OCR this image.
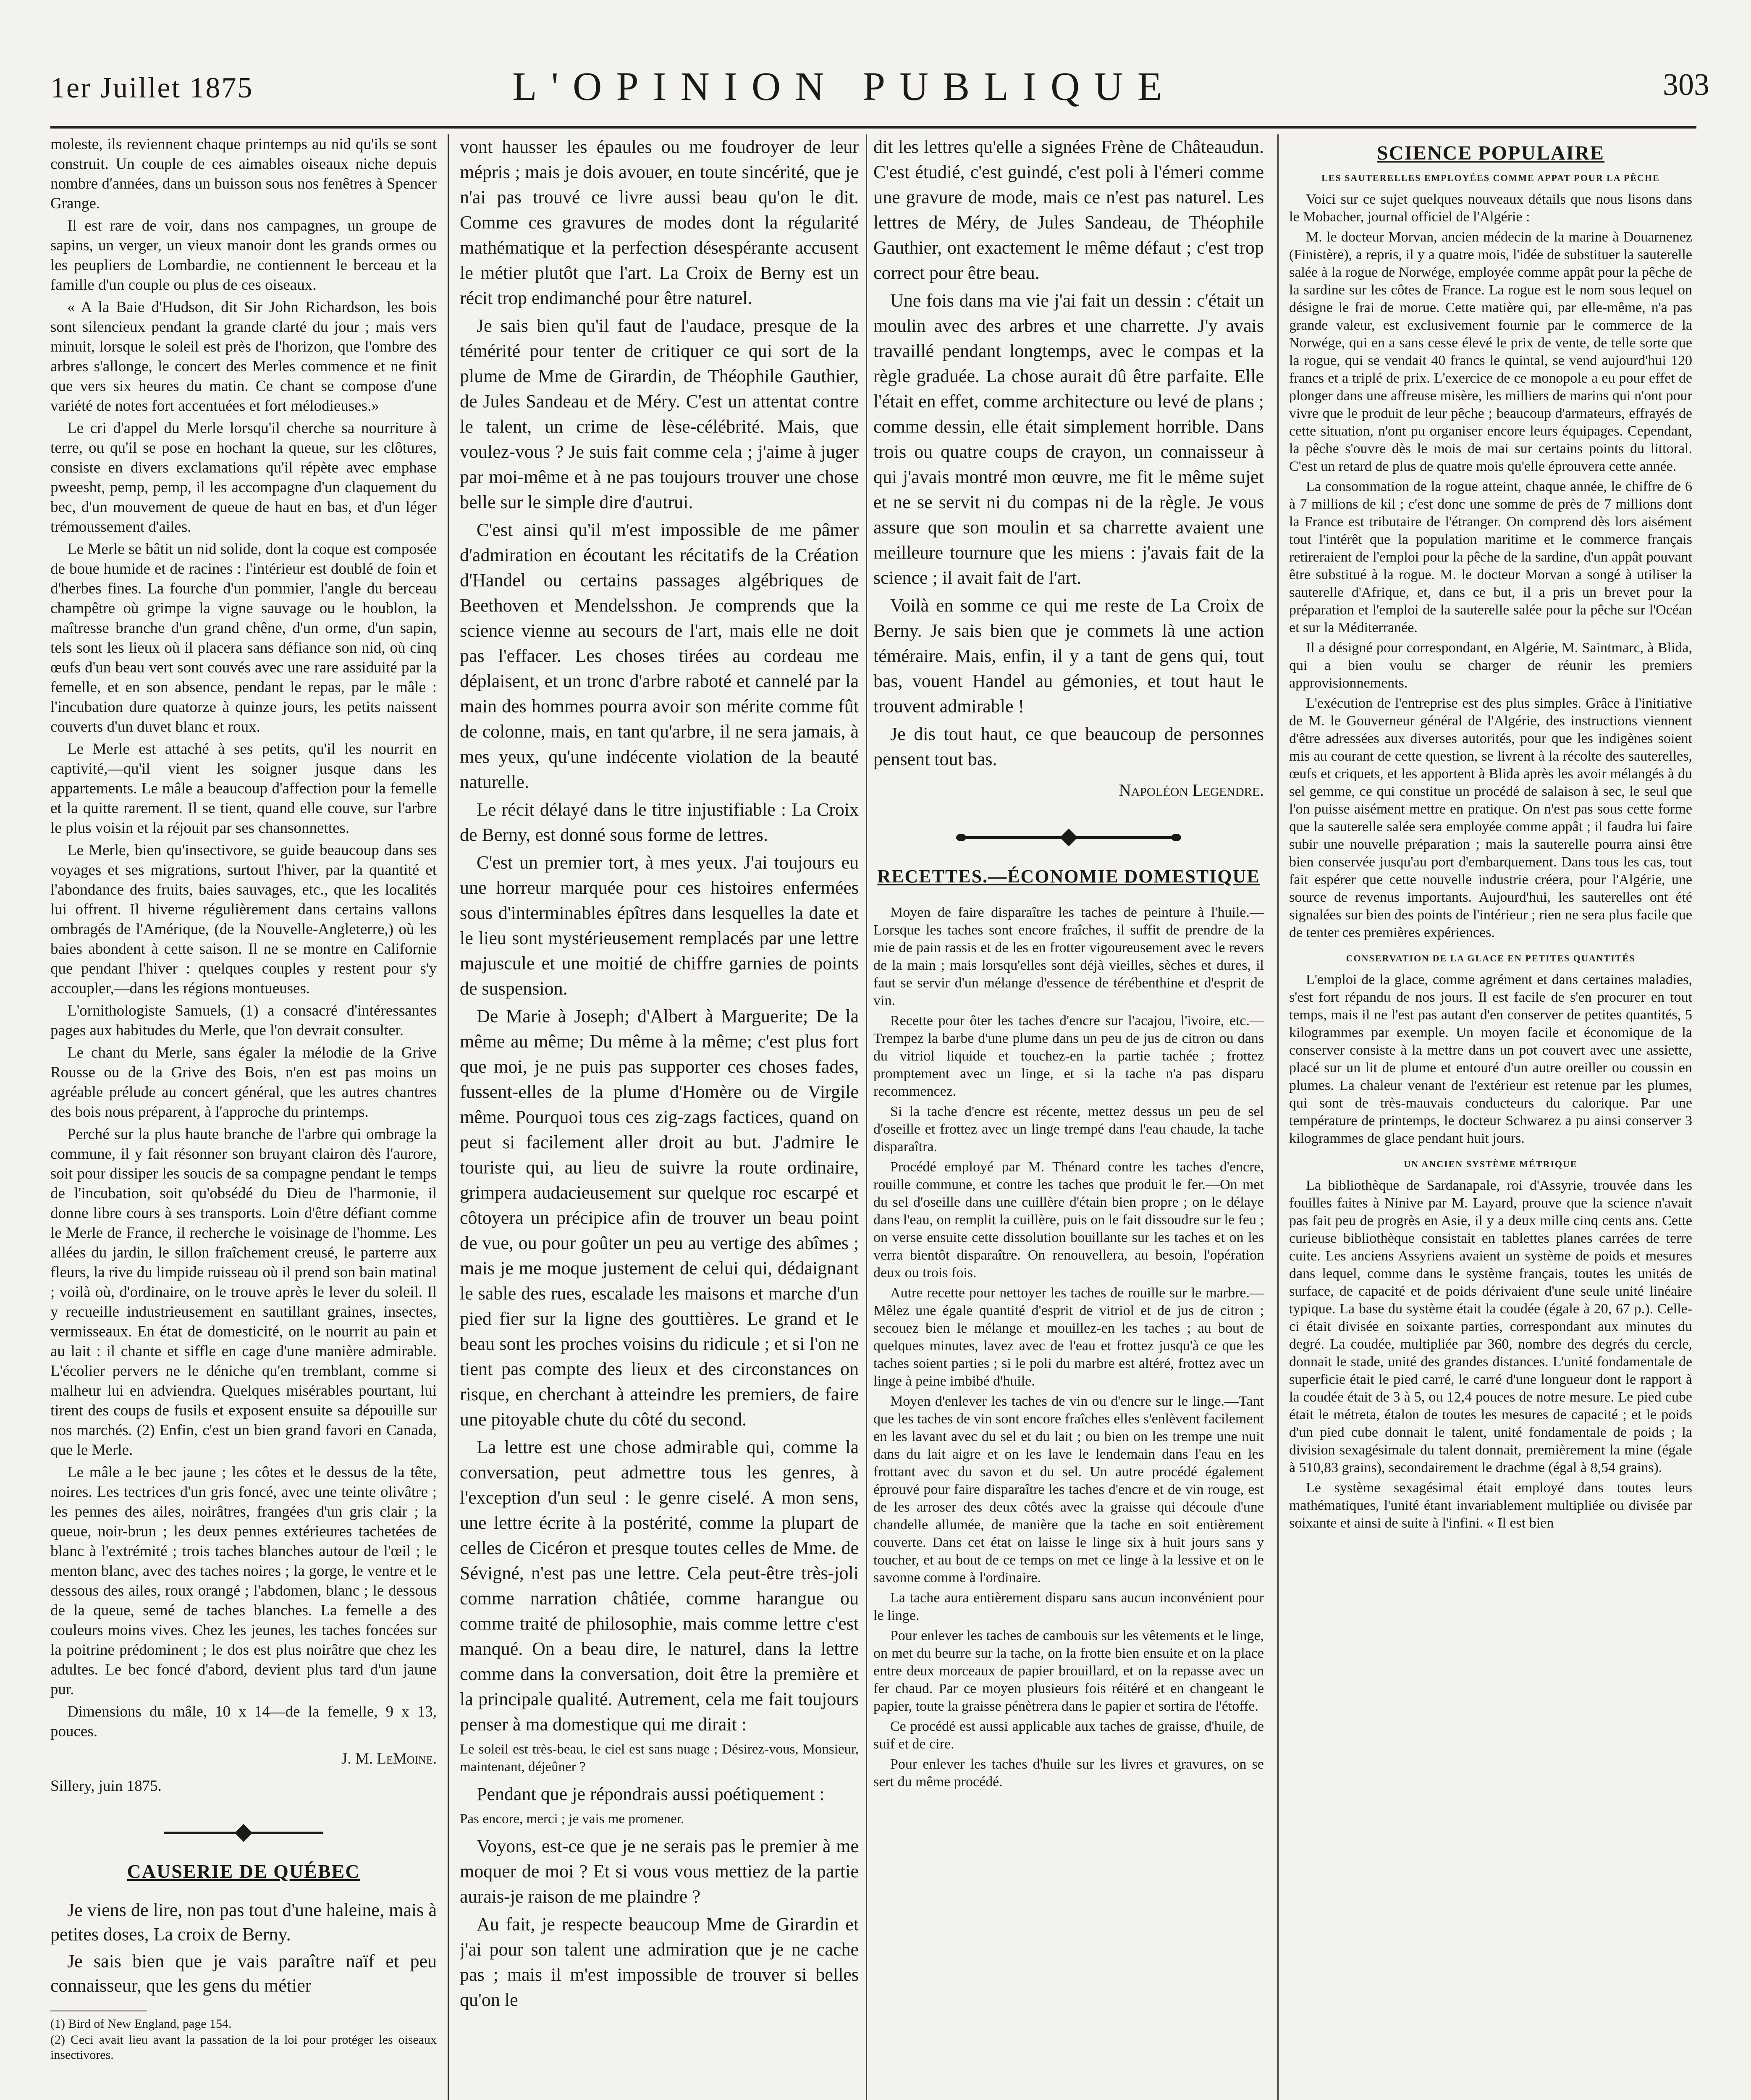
1er Juillet 1875	L'OPINION PUBLIQUE	303

moleste, ils reviennent chaque printemps au nid qu'ils se sont construit. Un couple de ces aimables oiseaux niche depuis nombre d'années, dans un buisson sous nos fenêtres à Spencer Grange.

Il est rare de voir, dans nos campagnes, un groupe de sapins, un verger, un vieux manoir dont les grands ormes ou les peupliers de Lombardie, ne contiennent le berceau et la famille d'un couple ou plus de ces oiseaux.

« A la Baie d'Hudson, dit Sir John Richardson, les bois sont silencieux pendant la grande clarté du jour ; mais vers minuit, lorsque le soleil est près de l'horizon, que l'ombre des arbres s'allonge, le concert des Merles commence et ne finit que vers six heures du matin. Ce chant se compose d'une variété de notes fort accentuées et fort mélodieuses.»

Le cri d'appel du Merle lorsqu'il cherche sa nourriture à terre, ou qu'il se pose en hochant la queue, sur les clôtures, consiste en divers exclamations qu'il répète avec emphase pweesht, pemp, pemp, il les accompagne d'un claquement du bec, d'un mouvement de queue de haut en bas, et d'un léger trémoussement d'ailes.

Le Merle se bâtit un nid solide, dont la coque est composée de boue humide et de racines : l'intérieur est doublé de foin et d'herbes fines. La fourche d'un pommier, l'angle du berceau champêtre où grimpe la vigne sauvage ou le houblon, la maîtresse branche d'un grand chêne, d'un orme, d'un sapin, tels sont les lieux où il placera sans défiance son nid, où cinq œufs d'un beau vert sont couvés avec une rare assiduité par la femelle, et en son absence, pendant le repas, par le mâle : l'incubation dure quatorze à quinze jours, les petits naissent couverts d'un duvet blanc et roux.

Le Merle est attaché à ses petits, qu'il les nourrit en captivité,—qu'il vient les soigner jusque dans les appartements. Le mâle a beaucoup d'affection pour la femelle et la quitte rarement. Il se tient, quand elle couve, sur l'arbre le plus voisin et la réjouit par ses chansonnettes.

Le Merle, bien qu'insectivore, se guide beaucoup dans ses voyages et ses migrations, surtout l'hiver, par la quantité et l'abondance des fruits, baies sauvages, etc., que les localités lui offrent. Il hiverne régulièrement dans certains vallons ombragés de l'Amérique, (de la Nouvelle-Angleterre,) où les baies abondent à cette saison. Il ne se montre en Californie que pendant l'hiver : quelques couples y restent pour s'y accoupler,—dans les régions montueuses.

L'ornithologiste Samuels, (1) a consacré d'intéressantes pages aux habitudes du Merle, que l'on devrait consulter.

Le chant du Merle, sans égaler la mélodie de la Grive Rousse ou de la Grive des Bois, n'en est pas moins un agréable prélude au concert général, que les autres chantres des bois nous préparent, à l'approche du printemps.

Perché sur la plus haute branche de l'arbre qui ombrage la commune, il y fait résonner son bruyant clairon dès l'aurore, soit pour dissiper les soucis de sa compagne pendant le temps de l'incubation, soit qu'obsédé du Dieu de l'harmonie, il donne libre cours à ses transports. Loin d'être défiant comme le Merle de France, il recherche le voisinage de l'homme. Les allées du jardin, le sillon fraîchement creusé, le parterre aux fleurs, la rive du limpide ruisseau où il prend son bain matinal ; voilà où, d'ordinaire, on le trouve après le lever du soleil. Il y recueille industrieusement en sautillant graines, insectes, vermisseaux. En état de domesticité, on le nourrit au pain et au lait : il chante et siffle en cage d'une manière admirable. L'écolier pervers ne le déniche qu'en tremblant, comme si malheur lui en adviendra. Quelques misérables pourtant, lui tirent des coups de fusils et exposent ensuite sa dépouille sur nos marchés. (2) Enfin, c'est un bien grand favori en Canada, que le Merle.

Le mâle a le bec jaune ; les côtes et le dessus de la tête, noires. Les tectrices d'un gris foncé, avec une teinte olivâtre ; les pennes des ailes, noirâtres, frangées d'un gris clair ; la queue, noir-brun ; les deux pennes extérieures tachetées de blanc à l'extrémité ; trois taches blanches autour de l'œil ; le menton blanc, avec des taches noires ; la gorge, le ventre et le dessous des ailes, roux orangé ; l'abdomen, blanc ; le dessous de la queue, semé de taches blanches. La femelle a des couleurs moins vives. Chez les jeunes, les taches foncées sur la poitrine prédominent ; le dos est plus noirâtre que chez les adultes. Le bec foncé d'abord, devient plus tard d'un jaune pur.

Dimensions du mâle, 10 x 14—de la femelle, 9 x 13, pouces.

J. M. LeMoine.

Sillery, juin 1875.

CAUSERIE DE QUÉBEC

Je viens de lire, non pas tout d'une haleine, mais à petites doses, La croix de Berny.

Je sais bien que je vais paraître naïf et peu connaisseur, que les gens du métier

(1) Bird of New England, page 154.

(2) Ceci avait lieu avant la passation de la loi pour protéger les oiseaux insectivores.

vont hausser les épaules ou me foudroyer de leur mépris ; mais je dois avouer, en toute sincérité, que je n'ai pas trouvé ce livre aussi beau qu'on le dit. Comme ces gravures de modes dont la régularité mathématique et la perfection désespérante accusent le métier plutôt que l'art. La Croix de Berny est un récit trop endimanché pour être naturel.

Je sais bien qu'il faut de l'audace, presque de la témérité pour tenter de critiquer ce qui sort de la plume de Mme de Girardin, de Théophile Gauthier, de Jules Sandeau et de Méry. C'est un attentat contre le talent, un crime de lèse-célébrité. Mais, que voulez-vous ? Je suis fait comme cela ; j'aime à juger par moi-même et à ne pas toujours trouver une chose belle sur le simple dire d'autrui.

C'est ainsi qu'il m'est impossible de me pâmer d'admiration en écoutant les récitatifs de la Création d'Handel ou certains passages algébriques de Beethoven et Mendelsshon. Je comprends que la science vienne au secours de l'art, mais elle ne doit pas l'effacer. Les choses tirées au cordeau me déplaisent, et un tronc d'arbre raboté et cannelé par la main des hommes pourra avoir son mérite comme fût de colonne, mais, en tant qu'arbre, il ne sera jamais, à mes yeux, qu'une indécente violation de la beauté naturelle.

Le récit délayé dans le titre injustifiable : La Croix de Berny, est donné sous forme de lettres.

C'est un premier tort, à mes yeux. J'ai toujours eu une horreur marquée pour ces histoires enfermées sous d'interminables épîtres dans lesquelles la date et le lieu sont mystérieusement remplacés par une lettre majuscule et une moitié de chiffre garnies de points de suspension.

De Marie à Joseph; d'Albert à Marguerite; De la même au même; Du même à la même; c'est plus fort que moi, je ne puis pas supporter ces choses fades, fussent-elles de la plume d'Homère ou de Virgile même. Pourquoi tous ces zig-zags factices, quand on peut si facilement aller droit au but. J'admire le touriste qui, au lieu de suivre la route ordinaire, grimpera audacieusement sur quelque roc escarpé et côtoyera un précipice afin de trouver un beau point de vue, ou pour goûter un peu au vertige des abîmes ; mais je me moque justement de celui qui, dédaignant le sable des rues, escalade les maisons et marche d'un pied fier sur la ligne des gouttières. Le grand et le beau sont les proches voisins du ridicule ; et si l'on ne tient pas compte des lieux et des circonstances on risque, en cherchant à atteindre les premiers, de faire une pitoyable chute du côté du second.

La lettre est une chose admirable qui, comme la conversation, peut admettre tous les genres, à l'exception d'un seul : le genre ciselé. A mon sens, une lettre écrite à la postérité, comme la plupart de celles de Cicéron et presque toutes celles de Mme. de Sévigné, n'est pas une lettre. Cela peut-être très-joli comme narration châtiée, comme harangue ou comme traité de philosophie, mais comme lettre c'est manqué. On a beau dire, le naturel, dans la lettre comme dans la conversation, doit être la première et la principale qualité. Autrement, cela me fait toujours penser à ma domestique qui me dirait :

Le soleil est très-beau, le ciel est sans nuage ; Désirez-vous, Monsieur, maintenant, déjeûner ?

Pendant que je répondrais aussi poétiquement :

Pas encore, merci ; je vais me promener.

Voyons, est-ce que je ne serais pas le premier à me moquer de moi ? Et si vous vous mettiez de la partie aurais-je raison de me plaindre ?

Au fait, je respecte beaucoup Mme de Girardin et j'ai pour son talent une admiration que je ne cache pas ; mais il m'est impossible de trouver si belles qu'on le

dit les lettres qu'elle a signées Frène de Châteaudun. C'est étudié, c'est guindé, c'est poli à l'émeri comme une gravure de mode, mais ce n'est pas naturel. Les lettres de Méry, de Jules Sandeau, de Théophile Gauthier, ont exactement le même défaut ; c'est trop correct pour être beau.

Une fois dans ma vie j'ai fait un dessin : c'était un moulin avec des arbres et une charrette. J'y avais travaillé pendant longtemps, avec le compas et la règle graduée. La chose aurait dû être parfaite. Elle l'était en effet, comme architecture ou levé de plans ; comme dessin, elle était simplement horrible. Dans trois ou quatre coups de crayon, un connaisseur à qui j'avais montré mon œuvre, me fit le même sujet et ne se servit ni du compas ni de la règle. Je vous assure que son moulin et sa charrette avaient une meilleure tournure que les miens : j'avais fait de la science ; il avait fait de l'art.

Voilà en somme ce qui me reste de La Croix de Berny. Je sais bien que je commets là une action téméraire. Mais, enfin, il y a tant de gens qui, tout bas, vouent Handel au gémonies, et tout haut le trouvent admirable !

Je dis tout haut, ce que beaucoup de personnes pensent tout bas.

Napoléon Legendre.

RECETTES.—ÉCONOMIE DOMESTIQUE

Moyen de faire disparaître les taches de peinture à l'huile.—Lorsque les taches sont encore fraîches, il suffit de prendre de la mie de pain rassis et de les en frotter vigoureusement avec le revers de la main ; mais lorsqu'elles sont déjà vieilles, sèches et dures, il faut se servir d'un mélange d'essence de térébenthine et d'esprit de vin.

Recette pour ôter les taches d'encre sur l'acajou, l'ivoire, etc.—Trempez la barbe d'une plume dans un peu de jus de citron ou dans du vitriol liquide et touchez-en la partie tachée ; frottez promptement avec un linge, et si la tache n'a pas disparu recommencez.

Si la tache d'encre est récente, mettez dessus un peu de sel d'oseille et frottez avec un linge trempé dans l'eau chaude, la tache disparaîtra.

Procédé employé par M. Thénard contre les taches d'encre, rouille commune, et contre les taches que produit le fer.—On met du sel d'oseille dans une cuillère d'étain bien propre ; on le délaye dans l'eau, on remplit la cuillère, puis on le fait dissoudre sur le feu ; on verse ensuite cette dissolution bouillante sur les taches et on les verra bientôt disparaître. On renouvellera, au besoin, l'opération deux ou trois fois.

Autre recette pour nettoyer les taches de rouille sur le marbre.—Mêlez une égale quantité d'esprit de vitriol et de jus de citron ; secouez bien le mélange et mouillez-en les taches ; au bout de quelques minutes, lavez avec de l'eau et frottez jusqu'à ce que les taches soient parties ; si le poli du marbre est altéré, frottez avec un linge à peine imbibé d'huile.

Moyen d'enlever les taches de vin ou d'encre sur le linge.—Tant que les taches de vin sont encore fraîches elles s'enlèvent facilement en les lavant avec du sel et du lait ; ou bien on les trempe une nuit dans du lait aigre et on les lave le lendemain dans l'eau en les frottant avec du savon et du sel. Un autre procédé également éprouvé pour faire disparaître les taches d'encre et de vin rouge, est de les arroser des deux côtés avec la graisse qui découle d'une chandelle allumée, de manière que la tache en soit entièrement couverte. Dans cet état on laisse le linge six à huit jours sans y toucher, et au bout de ce temps on met ce linge à la lessive et on le savonne comme à l'ordinaire.

La tache aura entièrement disparu sans aucun inconvénient pour le linge.

Pour enlever les taches de cambouis sur les vêtements et le linge, on met du beurre sur la tache, on la frotte bien ensuite et on la place entre deux morceaux de papier brouillard, et on la repasse avec un fer chaud. Par ce moyen plusieurs fois réitéré et en changeant le papier, toute la graisse pénètrera dans le papier et sortira de l'étoffe.

Ce procédé est aussi applicable aux taches de graisse, d'huile, de suif et de cire.

Pour enlever les taches d'huile sur les livres et gravures, on se sert du même procédé.

SCIENCE POPULAIRE

LES SAUTERELLES EMPLOYÉES COMME APPAT POUR LA PÊCHE

Voici sur ce sujet quelques nouveaux détails que nous lisons dans le Mobacher, journal officiel de l'Algérie :

M. le docteur Morvan, ancien médecin de la marine à Douarnenez (Finistère), a repris, il y a quatre mois, l'idée de substituer la sauterelle salée à la rogue de Norwége, employée comme appât pour la pêche de la sardine sur les côtes de France. La rogue est le nom sous lequel on désigne le frai de morue. Cette matière qui, par elle-même, n'a pas grande valeur, est exclusivement fournie par le commerce de la Norwége, qui en a sans cesse élevé le prix de vente, de telle sorte que la rogue, qui se vendait 40 francs le quintal, se vend aujourd'hui 120 francs et a triplé de prix. L'exercice de ce monopole a eu pour effet de plonger dans une affreuse misère, les milliers de marins qui n'ont pour vivre que le produit de leur pêche ; beaucoup d'armateurs, effrayés de cette situation, n'ont pu organiser encore leurs équipages. Cependant, la pêche s'ouvre dès le mois de mai sur certains points du littoral. C'est un retard de plus de quatre mois qu'elle éprouvera cette année.

La consommation de la rogue atteint, chaque année, le chiffre de 6 à 7 millions de kil ; c'est donc une somme de près de 7 millions dont la France est tributaire de l'étranger. On comprend dès lors aisément tout l'intérêt que la population maritime et le commerce français retireraient de l'emploi pour la pêche de la sardine, d'un appât pouvant être substitué à la rogue. M. le docteur Morvan a songé à utiliser la sauterelle d'Afrique, et, dans ce but, il a pris un brevet pour la préparation et l'emploi de la sauterelle salée pour la pêche sur l'Océan et sur la Méditerranée.

Il a désigné pour correspondant, en Algérie, M. Saintmarc, à Blida, qui a bien voulu se charger de réunir les premiers approvisionnements.

L'exécution de l'entreprise est des plus simples. Grâce à l'initiative de M. le Gouverneur général de l'Algérie, des instructions viennent d'être adressées aux diverses autorités, pour que les indigènes soient mis au courant de cette question, se livrent à la récolte des sauterelles, œufs et criquets, et les apportent à Blida après les avoir mélangés à du sel gemme, ce qui constitue un procédé de salaison à sec, le seul que l'on puisse aisément mettre en pratique. On n'est pas sous cette forme que la sauterelle salée sera employée comme appât ; il faudra lui faire subir une nouvelle préparation ; mais la sauterelle pourra ainsi être bien conservée jusqu'au port d'embarquement. Dans tous les cas, tout fait espérer que cette nouvelle industrie créera, pour l'Algérie, une source de revenus importants. Aujourd'hui, les sauterelles ont été signalées sur bien des points de l'intérieur ; rien ne sera plus facile que de tenter ces premières expériences.

CONSERVATION DE LA GLACE EN PETITES QUANTITÉS

L'emploi de la glace, comme agrément et dans certaines maladies, s'est fort répandu de nos jours. Il est facile de s'en procurer en tout temps, mais il ne l'est pas autant d'en conserver de petites quantités, 5 kilogrammes par exemple. Un moyen facile et économique de la conserver consiste à la mettre dans un pot couvert avec une assiette, placé sur un lit de plume et entouré d'un autre oreiller ou coussin en plumes. La chaleur venant de l'extérieur est retenue par les plumes, qui sont de très-mauvais conducteurs du calorique. Par une température de printemps, le docteur Schwarez a pu ainsi conserver 3 kilogrammes de glace pendant huit jours.

UN ANCIEN SYSTÈME MÉTRIQUE

La bibliothèque de Sardanapale, roi d'Assyrie, trouvée dans les fouilles faites à Ninive par M. Layard, prouve que la science n'avait pas fait peu de progrès en Asie, il y a deux mille cinq cents ans. Cette curieuse bibliothèque consistait en tablettes planes carrées de terre cuite. Les anciens Assyriens avaient un système de poids et mesures dans lequel, comme dans le système français, toutes les unités de surface, de capacité et de poids dérivaient d'une seule unité linéaire typique. La base du système était la coudée (égale à 20, 67 p.). Celle-ci était divisée en soixante parties, correspondant aux minutes du degré. La coudée, multipliée par 360, nombre des degrés du cercle, donnait le stade, unité des grandes distances. L'unité fondamentale de superficie était le pied carré, le carré d'une longueur dont le rapport à la coudée était de 3 à 5, ou 12,4 pouces de notre mesure. Le pied cube était le métreta, étalon de toutes les mesures de capacité ; et le poids d'un pied cube donnait le talent, unité fondamentale de poids ; la division sexagésimale du talent donnait, premièrement la mine (égale à 510,83 grains), secondairement le drachme (égal à 8,54 grains).

Le système sexagésimal était employé dans toutes leurs mathématiques, l'unité étant invariablement multipliée ou divisée par soixante et ainsi de suite à l'infini. « Il est bien
